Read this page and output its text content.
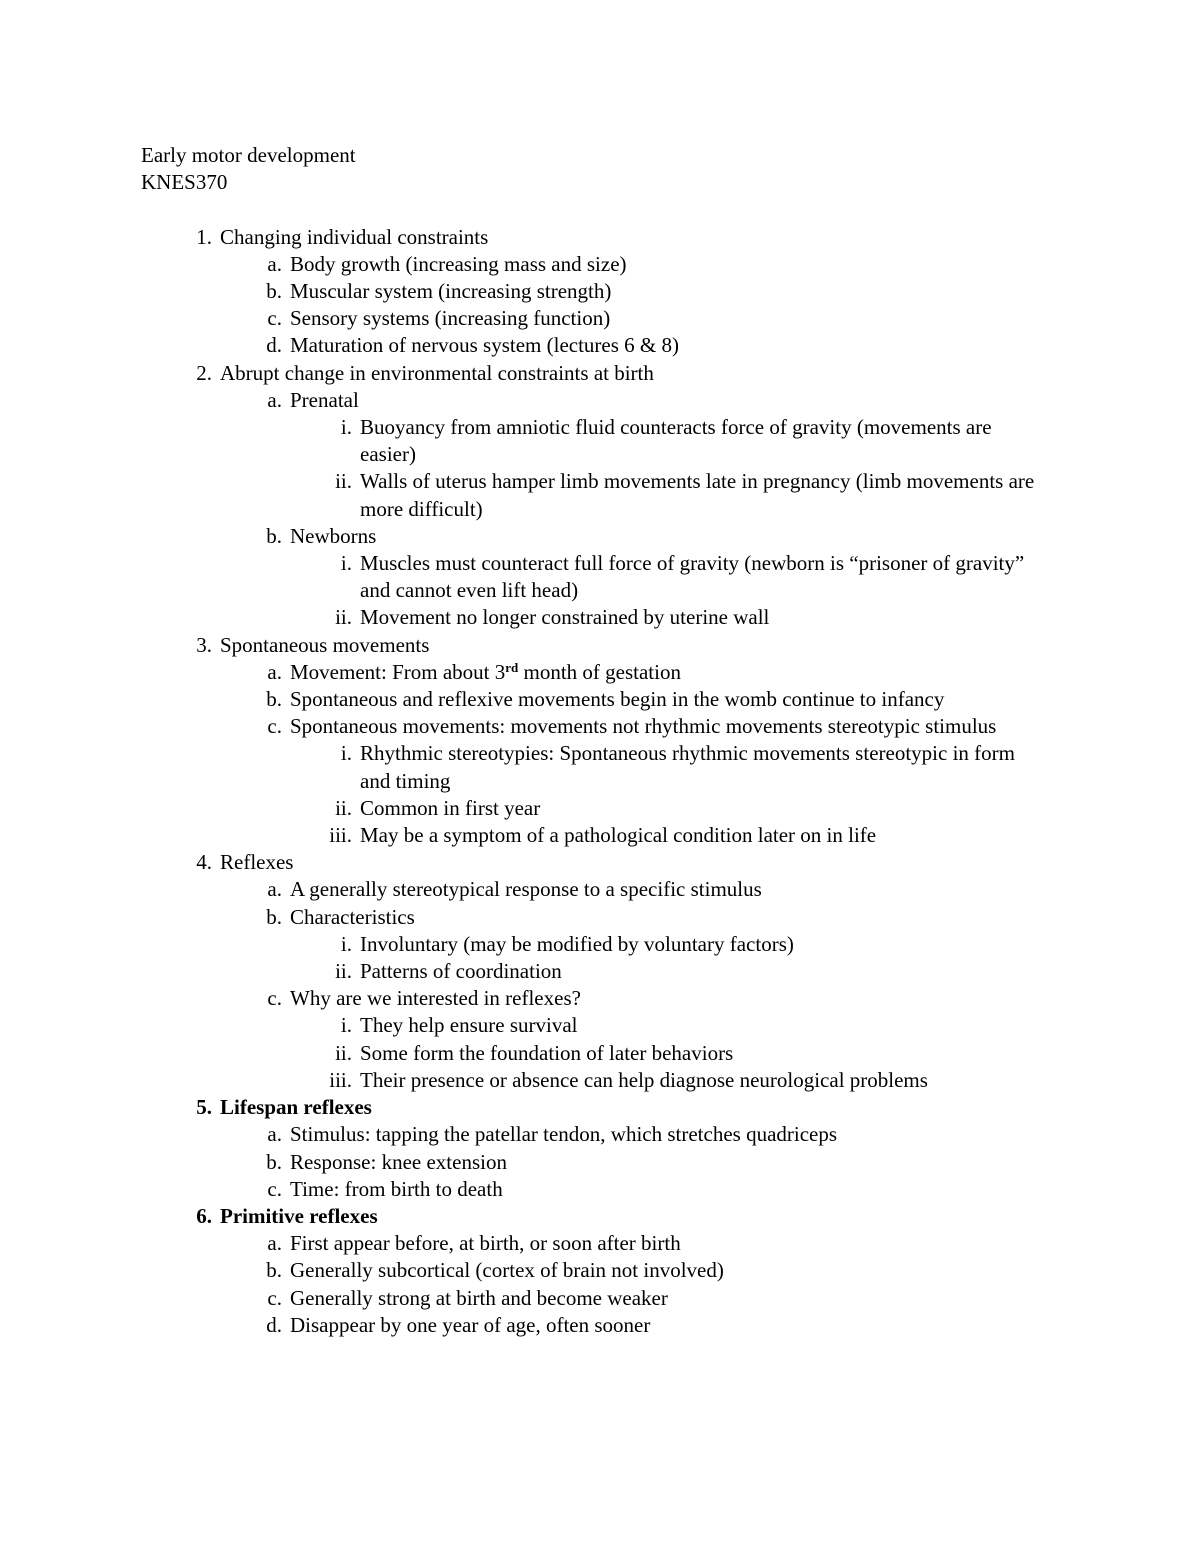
Early motor development
KNES370
1. Changing individual constraints
a. Body growth (increasing mass and size)
b. Muscular system (increasing strength)
c. Sensory systems (increasing function)
d. Maturation of nervous system (lectures 6 & 8)
2. Abrupt change in environmental constraints at birth
a. Prenatal
i. Buoyancy from amniotic fluid counteracts force of gravity (movements are easier)
ii. Walls of uterus hamper limb movements late in pregnancy (limb movements are more difficult)
b. Newborns
i. Muscles must counteract full force of gravity (newborn is “prisoner of gravity” and cannot even lift head)
ii. Movement no longer constrained by uterine wall
3. Spontaneous movements
a. Movement: From about 3rd month of gestation
b. Spontaneous and reflexive movements begin in the womb continue to infancy
c. Spontaneous movements: movements not rhythmic movements stereotypic stimulus
i. Rhythmic stereotypies: Spontaneous rhythmic movements stereotypic in form and timing
ii. Common in first year
iii. May be a symptom of a pathological condition later on in life
4. Reflexes
a. A generally stereotypical response to a specific stimulus
b. Characteristics
i. Involuntary (may be modified by voluntary factors)
ii. Patterns of coordination
c. Why are we interested in reflexes?
i. They help ensure survival
ii. Some form the foundation of later behaviors
iii. Their presence or absence can help diagnose neurological problems
5. Lifespan reflexes
a. Stimulus: tapping the patellar tendon, which stretches quadriceps
b. Response: knee extension
c. Time: from birth to death
6. Primitive reflexes
a. First appear before, at birth, or soon after birth
b. Generally subcortical (cortex of brain not involved)
c. Generally strong at birth and become weaker
d. Disappear by one year of age, often sooner
